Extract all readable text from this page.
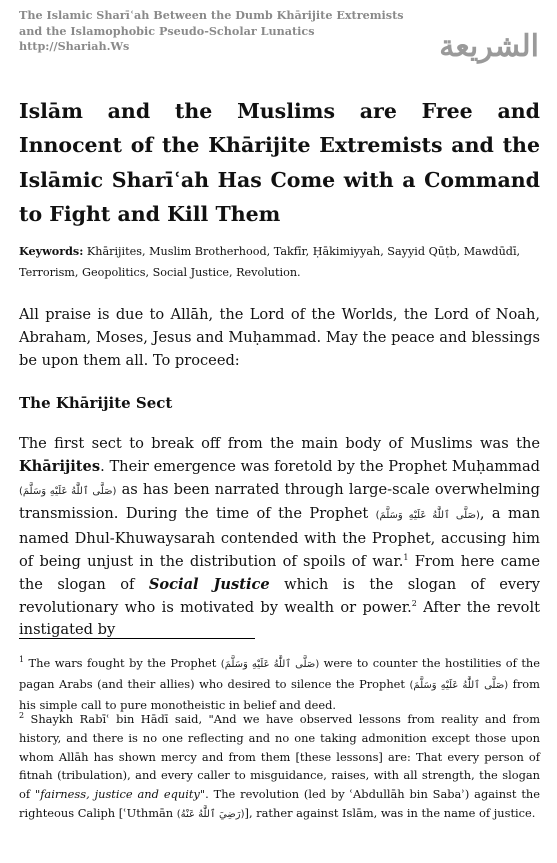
The Islamic Sharīʿah Between the Dumb Khārijite Extremists
and the Islamophobic Pseudo-Scholar Lunatics
http://Shariah.Ws	الشريعة
Islām and the Muslims are Free and Innocent of the Khārijite Extremists and the Islāmic Sharīʿah Has Come with a Command to Fight and Kill Them

Keywords: Khārijites, Muslim Brotherhood, Takfīr, Ḥākimiyyah, Sayyid Qūṭb, Mawdūdī, Terrorism, Geopolitics, Social Justice, Revolution.

All praise is due to Allāh, the Lord of the Worlds, the Lord of Noah, Abraham, Moses, Jesus and Muḥammad. May the peace and blessings be upon them all. To proceed:

The Khārijite Sect

The first sect to break off from the main body of Muslims was the Khārijites. Their emergence was foretold by the Prophet Muḥammad (صَلَّى ٱللَّٰهُ عَلَيْهِ وَسَلَّمَ) as has been narrated through large-scale overwhelming transmission. During the time of the Prophet (صَلَّى ٱللَّٰهُ عَلَيْهِ وَسَلَّمَ), a man named Dhul-Khuwaysarah contended with the Prophet, accusing him of being unjust in the distribution of spoils of war.$^1$ From here came the slogan of Social Justice which is the slogan of every revolutionary who is motivated by wealth or power.$^2$ After the revolt instigated by

$^1$ The wars fought by the Prophet (صَلَّى ٱللَّٰهُ عَلَيْهِ وَسَلَّمَ) were to counter the hostilities of the pagan Arabs (and their allies) who desired to silence the Prophet (صَلَّى ٱللَّٰهُ عَلَيْهِ وَسَلَّمَ) from his simple call to pure monotheistic in belief and deed.

$^2$ Shaykh Rabīʿ bin Hādī said, "And we have observed lessons from reality and from history, and there is no one reflecting and no one taking admonition except those upon whom Allāh has shown mercy and from them [these lessons] are: That every person of fitnah (tribulation), and every caller to misguidance, raises, with all strength, the slogan of "fairness, justice and equity". The revolution (led by ʿAbdullāh bin Sabaʾ) against the righteous Caliph [ʿUthmān (رَضِيَ ٱللَّٰهُ عَنْهُ)], rather against Islām, was in the name of justice.
